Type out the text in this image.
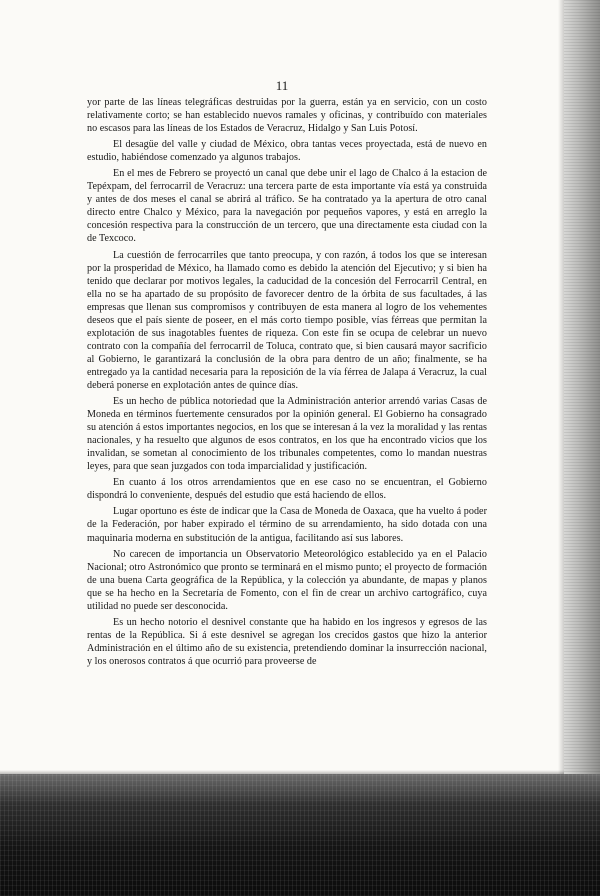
11

yor parte de las líneas telegráficas destruidas por la guerra, están ya en servicio, con un costo relativamente corto; se han establecido nuevos ramales y oficinas, y contribuído con materiales no escasos para las líneas de los Estados de Veracruz, Hidalgo y San Luis Potosí.

El desagüe del valle y ciudad de México, obra tantas veces proyectada, está de nuevo en estudio, habiéndose comenzado ya algunos trabajos.

En el mes de Febrero se proyectó un canal que debe unir el lago de Chalco á la estacion de Tepéxpam, del ferrocarril de Veracruz: una tercera parte de esta importante vía está ya construida y antes de dos meses el canal se abrirá al tráfico. Se ha contratado ya la apertura de otro canal directo entre Chalco y México, para la navegación por pequeños vapores, y está en arreglo la concesión respectiva para la construcción de un tercero, que una directamente esta ciudad con la de Texcoco.

La cuestión de ferrocarriles que tanto preocupa, y con razón, á todos los que se interesan por la prosperidad de México, ha llamado como es debido la atención del Ejecutivo; y si bien ha tenido que declarar por motivos legales, la caducidad de la concesión del Ferrocarril Central, en ella no se ha apartado de su propósito de favorecer dentro de la órbita de sus facultades, á las empresas que llenan sus compromisos y contribuyen de esta manera al logro de los vehementes deseos que el país siente de poseer, en el más corto tiempo posible, vías férreas que permitan la explotación de sus inagotables fuentes de riqueza. Con este fin se ocupa de celebrar un nuevo contrato con la compañía del ferrocarril de Toluca, contrato que, si bien causará mayor sacrificio al Gobierno, le garantizará la conclusión de la obra para dentro de un año; finalmente, se ha entregado ya la cantidad necesaria para la reposición de la vía férrea de Jalapa á Veracruz, la cual deberá ponerse en explotación antes de quince días.

Es un hecho de pública notoriedad que la Administración anterior arrendó varias Casas de Moneda en términos fuertemente censurados por la opinión general. El Gobierno ha consagrado su atención á estos importantes negocios, en los que se interesan á la vez la moralidad y las rentas nacionales, y ha resuelto que algunos de esos contratos, en los que ha encontrado vicios que los invalidan, se sometan al conocimiento de los tribunales competentes, como lo mandan nuestras leyes, para que sean juzgados con toda imparcialidad y justificación.

En cuanto á los otros arrendamientos que en ese caso no se encuentran, el Gobierno dispondrá lo conveniente, después del estudio que está haciendo de ellos.

Lugar oportuno es éste de indicar que la Casa de Moneda de Oaxaca, que ha vuelto á poder de la Federación, por haber expirado el término de su arrendamiento, ha sido dotada con una maquinaria moderna en substitución de la antigua, facilitando así sus labores.

No carecen de importancia un Observatorio Meteorológico establecido ya en el Palacio Nacional; otro Astronómico que pronto se terminará en el mismo punto; el proyecto de formación de una buena Carta geográfica de la República, y la colección ya abundante, de mapas y planos que se ha hecho en la Secretaría de Fomento, con el fin de crear un archivo cartográfico, cuya utilidad no puede ser desconocida.

Es un hecho notorio el desnivel constante que ha habido en los ingresos y egresos de las rentas de la República. Si á este desnivel se agregan los crecidos gastos que hizo la anterior Administración en el último año de su existencia, pretendiendo dominar la insurrección nacional, y los onerosos contratos á que ocurrió para proveerse de
